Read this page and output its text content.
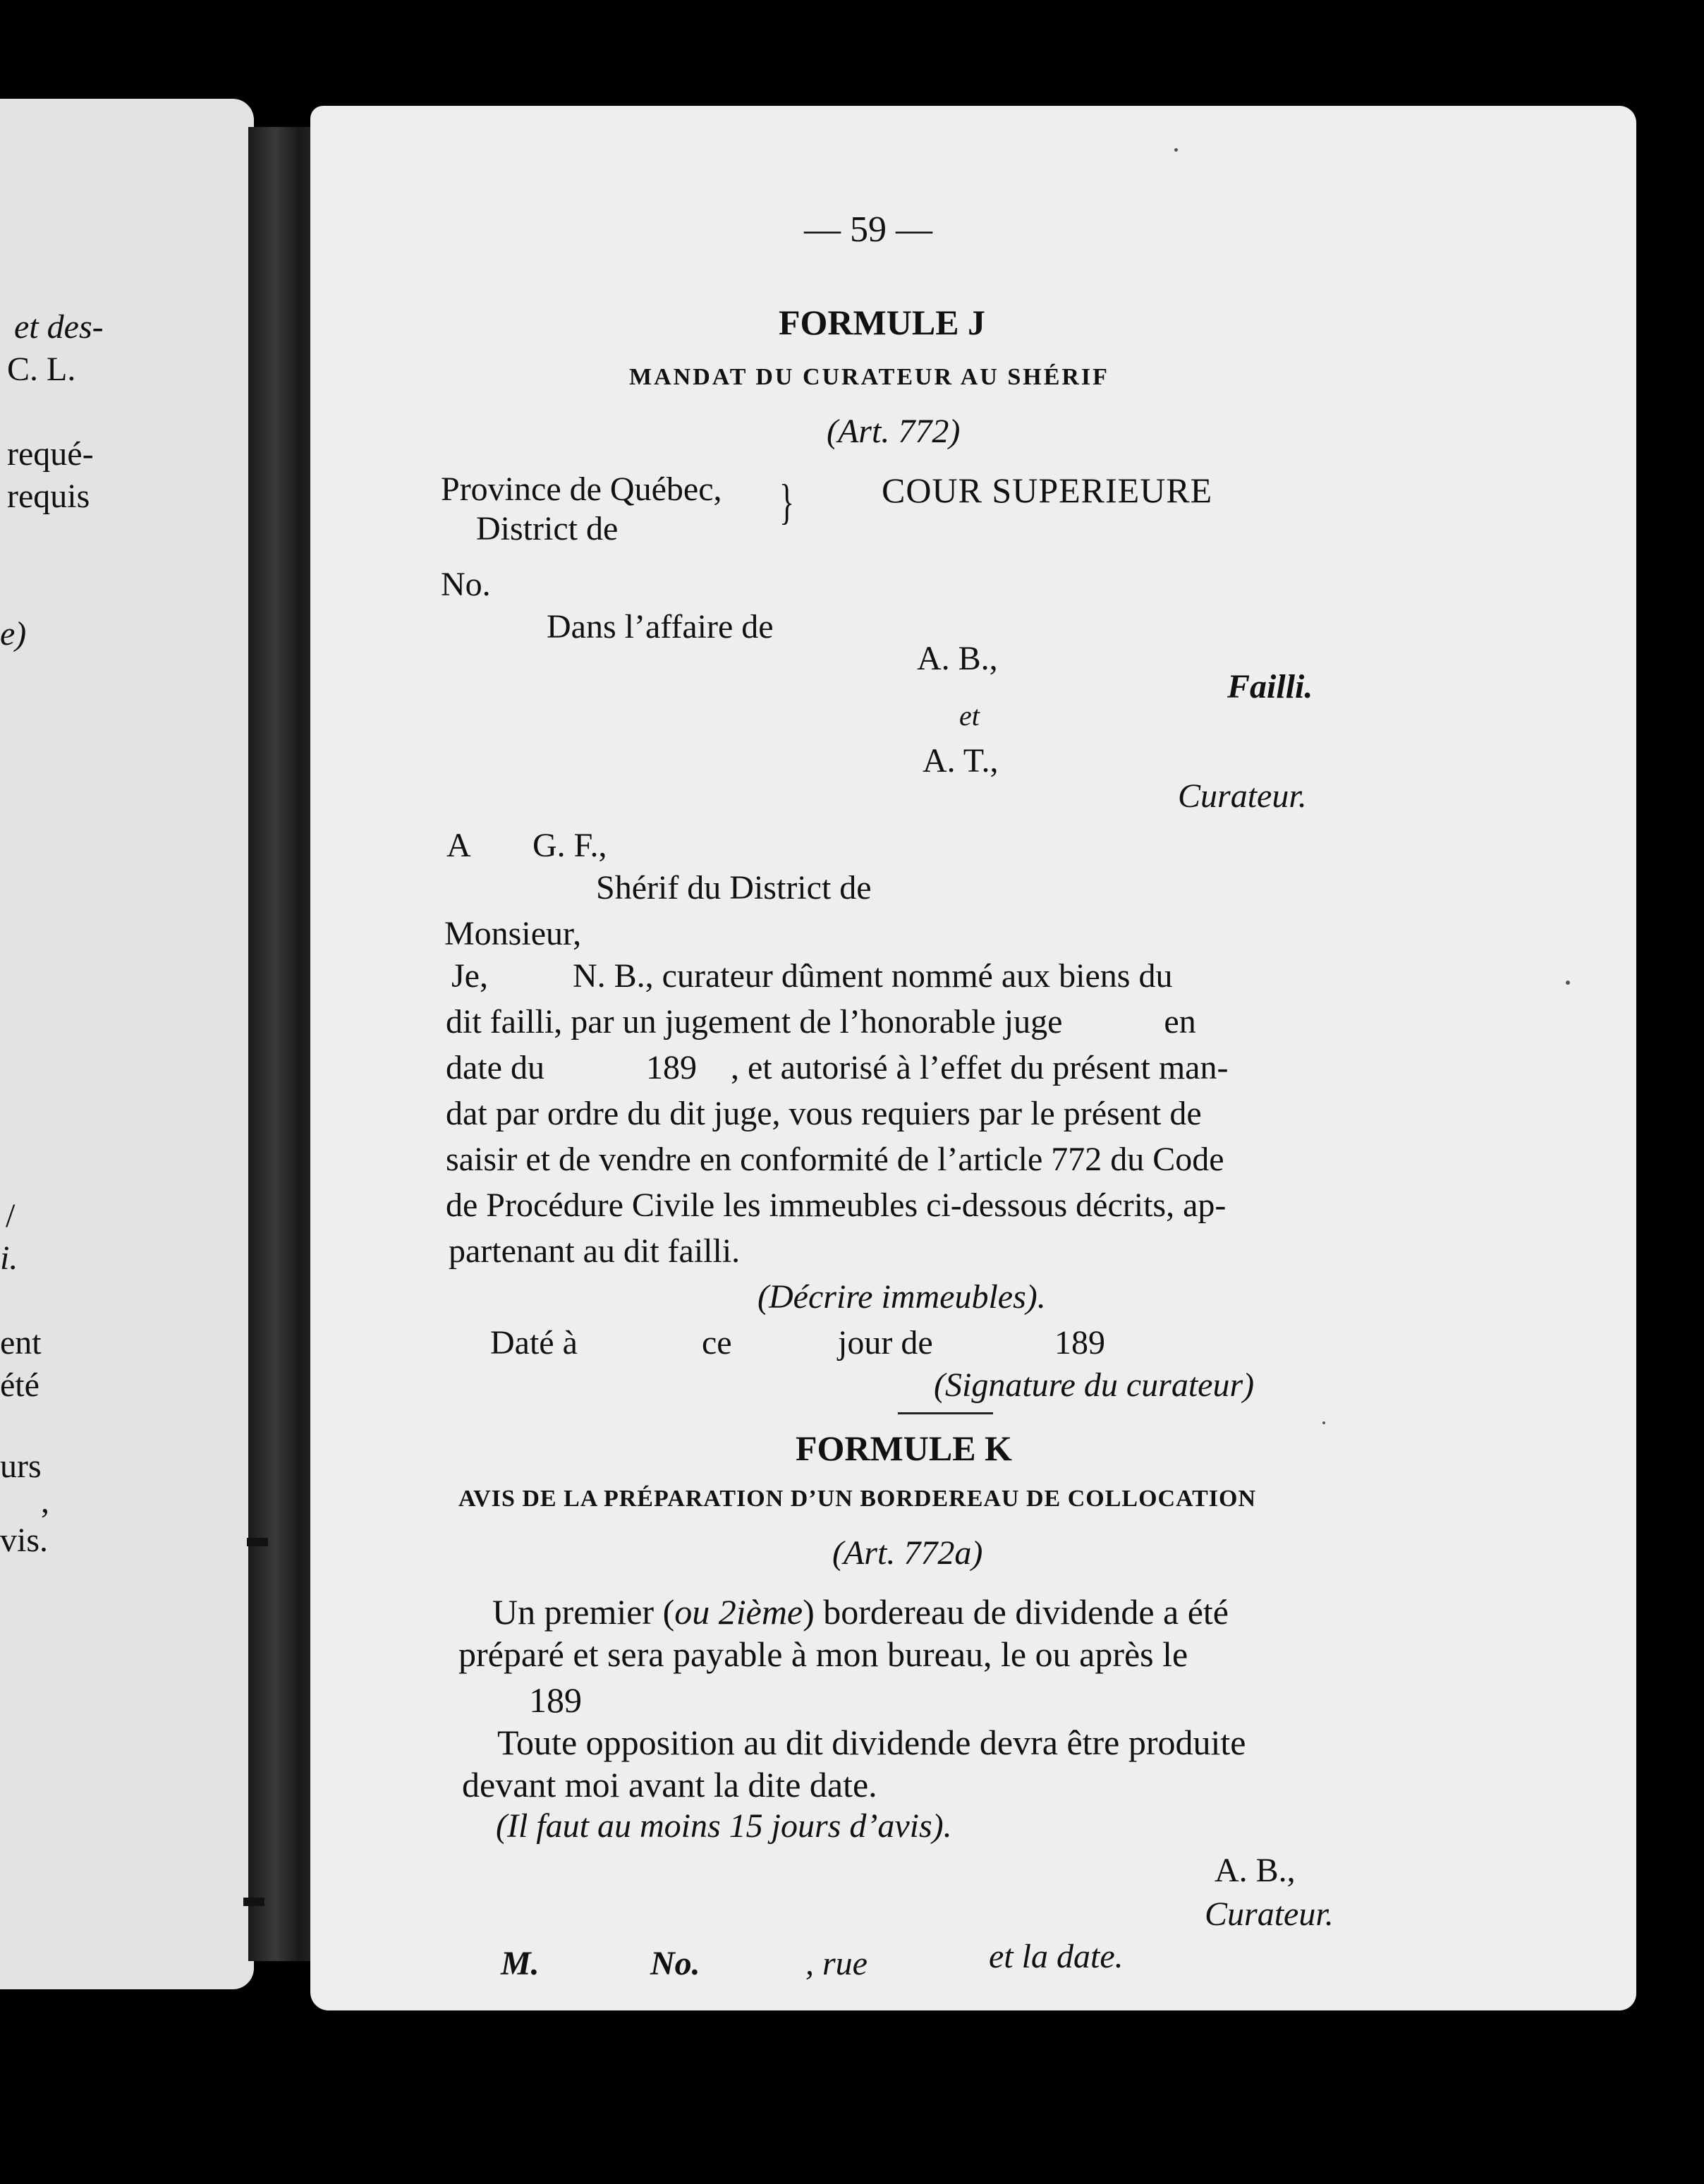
et des-
C. L.
requé-
requis
e)
/
i.
ent
été
urs
,
vis.
— 59 —
FORMULE J
MANDAT DU CURATEUR AU SHÉRIF
(Art. 772)
Province de Québec,
District de	} COUR SUPERIEURE
No.
Dans l’affaire de
A. B.,
Failli.
et
A. T.,
Curateur.
A G. F.,
Shérif du District de
Monsieur,
Je,          N. B., curateur dûment nommé aux biens du
dit failli, par un jugement de l’honorable juge            en
date du            189    , et autorisé à l’effet du présent man-
dat par ordre du dit juge, vous requiers par le présent de
saisir et de vendre en conformité de l’article 772 du Code
de Procédure Civile les immeubles ci-dessous décrits, ap-
partenant au dit failli.
(Décrire immeubles).
Daté à	ce	jour de	189
(Signature du curateur)
FORMULE K
AVIS DE LA PRÉPARATION D’UN BORDEREAU DE COLLOCATION
(Art. 772a)
Un premier (ou 2ième) bordereau de dividende a été
préparé et sera payable à mon bureau, le ou après le
189
Toute opposition au dit dividende devra être produite
devant moi avant la dite date.
(Il faut au moins 15 jours d’avis).
A. B.,
Curateur.
M.	No.	, rue	et la date.
